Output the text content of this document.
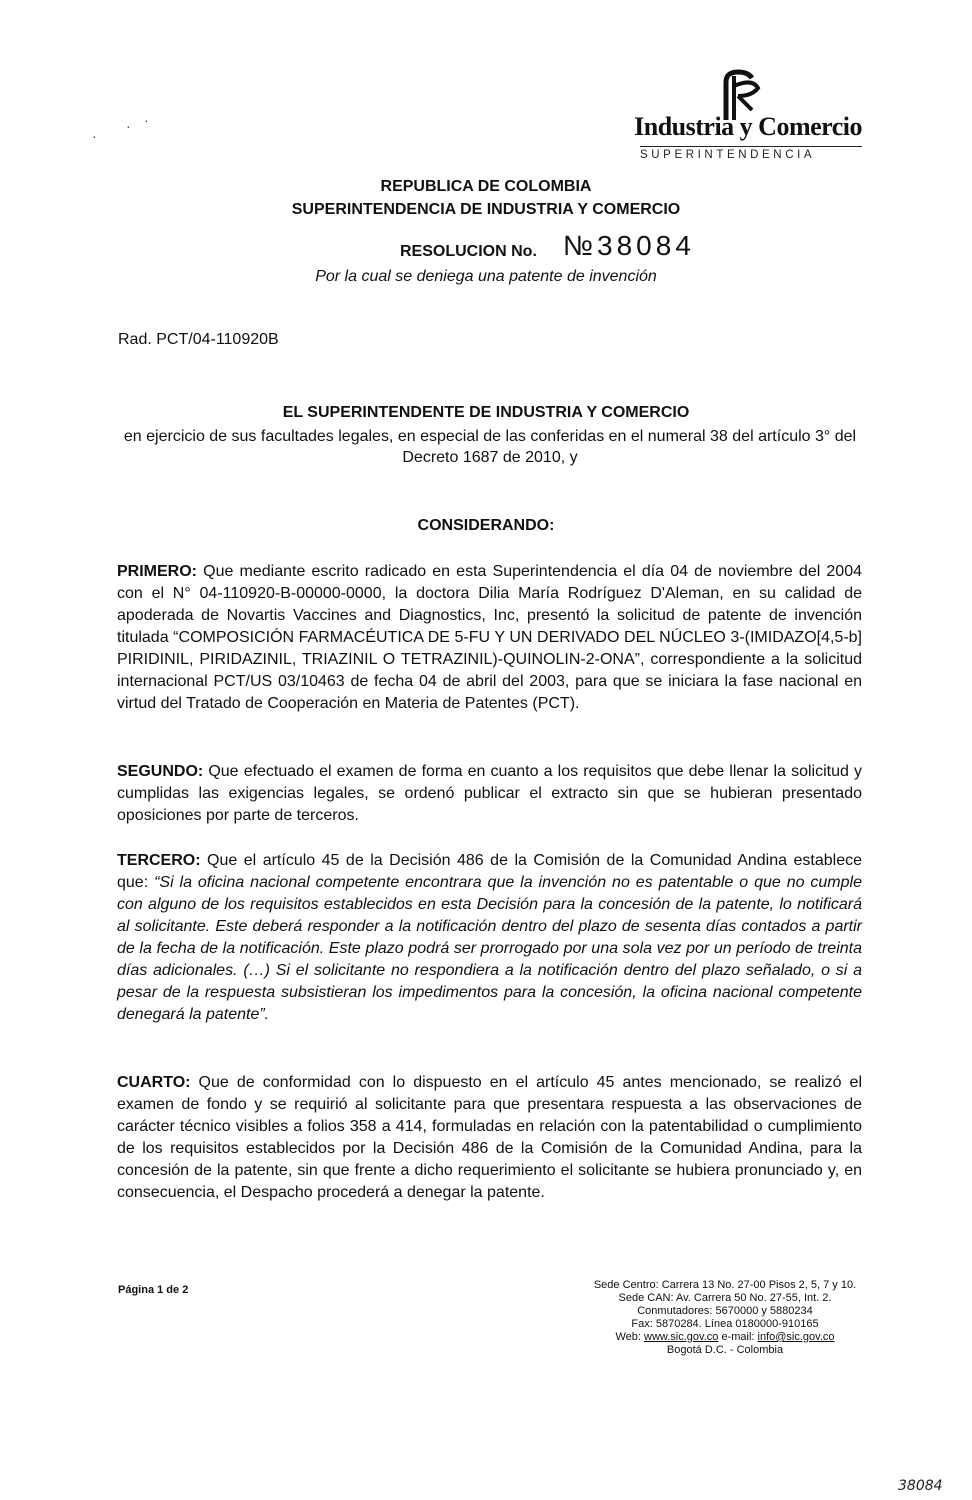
Industria y Comercio
SUPERINTENDENCIA
·
· ·
REPUBLICA DE COLOMBIA
SUPERINTENDENCIA DE INDUSTRIA Y COMERCIO
RESOLUCION No. №38084
Por la cual se deniega una patente de invención
Rad. PCT/04-110920B
EL SUPERINTENDENTE DE INDUSTRIA Y COMERCIO
en ejercicio de sus facultades legales, en especial de las conferidas en el numeral 38 del artículo 3° del Decreto 1687 de 2010, y
CONSIDERANDO:

PRIMERO: Que mediante escrito radicado en esta Superintendencia el día 04 de noviembre del 2004 con el N° 04-110920-B-00000-0000, la doctora Dilia María Rodríguez D'Aleman, en su calidad de apoderada de Novartis Vaccines and Diagnostics, Inc, presentó la solicitud de patente de invención titulada “COMPOSICIÓN FARMACÉUTICA DE 5-FU Y UN DERIVADO DEL NÚCLEO 3-(IMIDAZO[4,5-b] PIRIDINIL, PIRIDAZINIL, TRIAZINIL O TETRAZINIL)-QUINOLIN-2-ONA”, correspondiente a la solicitud internacional PCT/US 03/10463 de fecha 04 de abril del 2003, para que se iniciara la fase nacional en virtud del Tratado de Cooperación en Materia de Patentes (PCT).

SEGUNDO: Que efectuado el examen de forma en cuanto a los requisitos que debe llenar la solicitud y cumplidas las exigencias legales, se ordenó publicar el extracto sin que se hubieran presentado oposiciones por parte de terceros.

TERCERO: Que el artículo 45 de la Decisión 486 de la Comisión de la Comunidad Andina establece que: “Si la oficina nacional competente encontrara que la invención no es patentable o que no cumple con alguno de los requisitos establecidos en esta Decisión para la concesión de la patente, lo notificará al solicitante. Este deberá responder a la notificación dentro del plazo de sesenta días contados a partir de la fecha de la notificación. Este plazo podrá ser prorrogado por una sola vez por un período de treinta días adicionales. (…) Si el solicitante no respondiera a la notificación dentro del plazo señalado, o si a pesar de la respuesta subsistieran los impedimentos para la concesión, la oficina nacional competente denegará la patente”.

CUARTO: Que de conformidad con lo dispuesto en el artículo 45 antes mencionado, se realizó el examen de fondo y se requirió al solicitante para que presentara respuesta a las observaciones de carácter técnico visibles a folios 358 a 414, formuladas en relación con la patentabilidad o cumplimiento de los requisitos establecidos por la Decisión 486 de la Comisión de la Comunidad Andina, para la concesión de la patente, sin que frente a dicho requerimiento el solicitante se hubiera pronunciado y, en consecuencia, el Despacho procederá a denegar la patente.

Página 1 de 2	Sede Centro: Carrera 13 No. 27-00 Pisos 2, 5, 7 y 10.
Sede CAN: Av. Carrera 50 No. 27-55, Int. 2.
Conmutadores: 5670000 y 5880234
Fax: 5870284. Línea 0180000-910165
Web: www.sic.gov.co e-mail: info@sic.gov.co
Bogotá D.C. - Colombia
38084
